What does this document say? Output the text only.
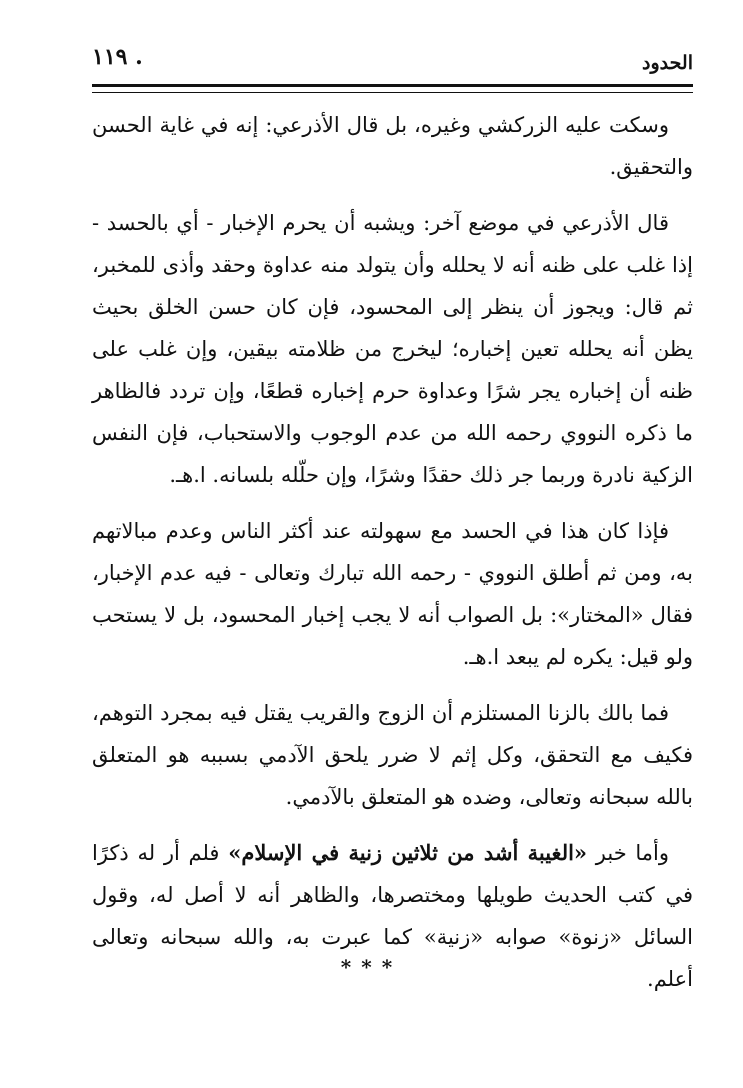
الحدود
١١٩ .

وسكت عليه الزركشي وغيره، بل قال الأذرعي: إنه في غاية الحسن والتحقيق.

قال الأذرعي في موضع آخر: ويشبه أن يحرم الإخبار - أي بالحسد - إذا غلب على ظنه أنه لا يحلله وأن يتولد منه عداوة وحقد وأذى للمخبر، ثم قال: ويجوز أن ينظر إلى المحسود، فإن كان حسن الخلق بحيث يظن أنه يحلله تعين إخباره؛ ليخرج من ظلامته بيقين، وإن غلب على ظنه أن إخباره يجر شرًا وعداوة حرم إخباره قطعًا، وإن تردد فالظاهر ما ذكره النووي رحمه الله من عدم الوجوب والاستحباب، فإن النفس الزكية نادرة وربما جر ذلك حقدًا وشرًا، وإن حلّله بلسانه. ا.هـ.

فإذا كان هذا في الحسد مع سهولته عند أكثر الناس وعدم مبالاتهم به، ومن ثم أطلق النووي - رحمه الله تبارك وتعالى - فيه عدم الإخبار، فقال «المختار»: بل الصواب أنه لا يجب إخبار المحسود، بل لا يستحب ولو قيل: يكره لم يبعد ا.هـ.

فما بالك بالزنا المستلزم أن الزوج والقريب يقتل فيه بمجرد التوهم، فكيف مع التحقق، وكل إثم لا ضرر يلحق الآدمي بسببه هو المتعلق بالله سبحانه وتعالى، وضده هو المتعلق بالآدمي.

وأما خبر «الغيبة أشد من ثلاثين زنية في الإسلام» فلم أر له ذكرًا في كتب الحديث طويلها ومختصرها، والظاهر أنه لا أصل له، وقول السائل «زنوة» صوابه «زنية» كما عبرت به، والله سبحانه وتعالى أعلم.

***
